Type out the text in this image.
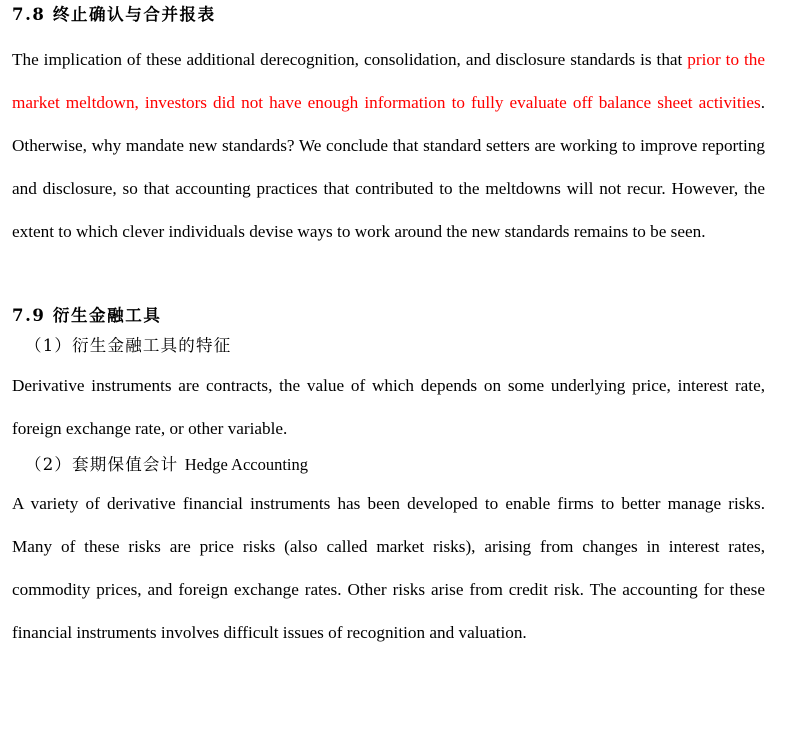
7.8 终止确认与合并报表

The implication of these additional derecognition, consolidation, and disclosure standards is that prior to the market meltdown, investors did not have enough information to fully evaluate off balance sheet activities. Otherwise, why mandate new standards? We conclude that standard setters are working to improve reporting and disclosure, so that accounting practices that contributed to the meltdowns will not recur. However, the extent to which clever individuals devise ways to work around the new standards remains to be seen.

7.9 衍生金融工具

（1）衍生金融工具的特征

Derivative instruments are contracts, the value of which depends on some underlying price, interest rate, foreign exchange rate, or other variable.

（2）套期保值会计 Hedge Accounting

A variety of derivative financial instruments has been developed to enable firms to better manage risks. Many of these risks are price risks (also called market risks), arising from changes in interest rates, commodity prices, and foreign exchange rates. Other risks arise from credit risk. The accounting for these financial instruments involves difficult issues of recognition and valuation.
